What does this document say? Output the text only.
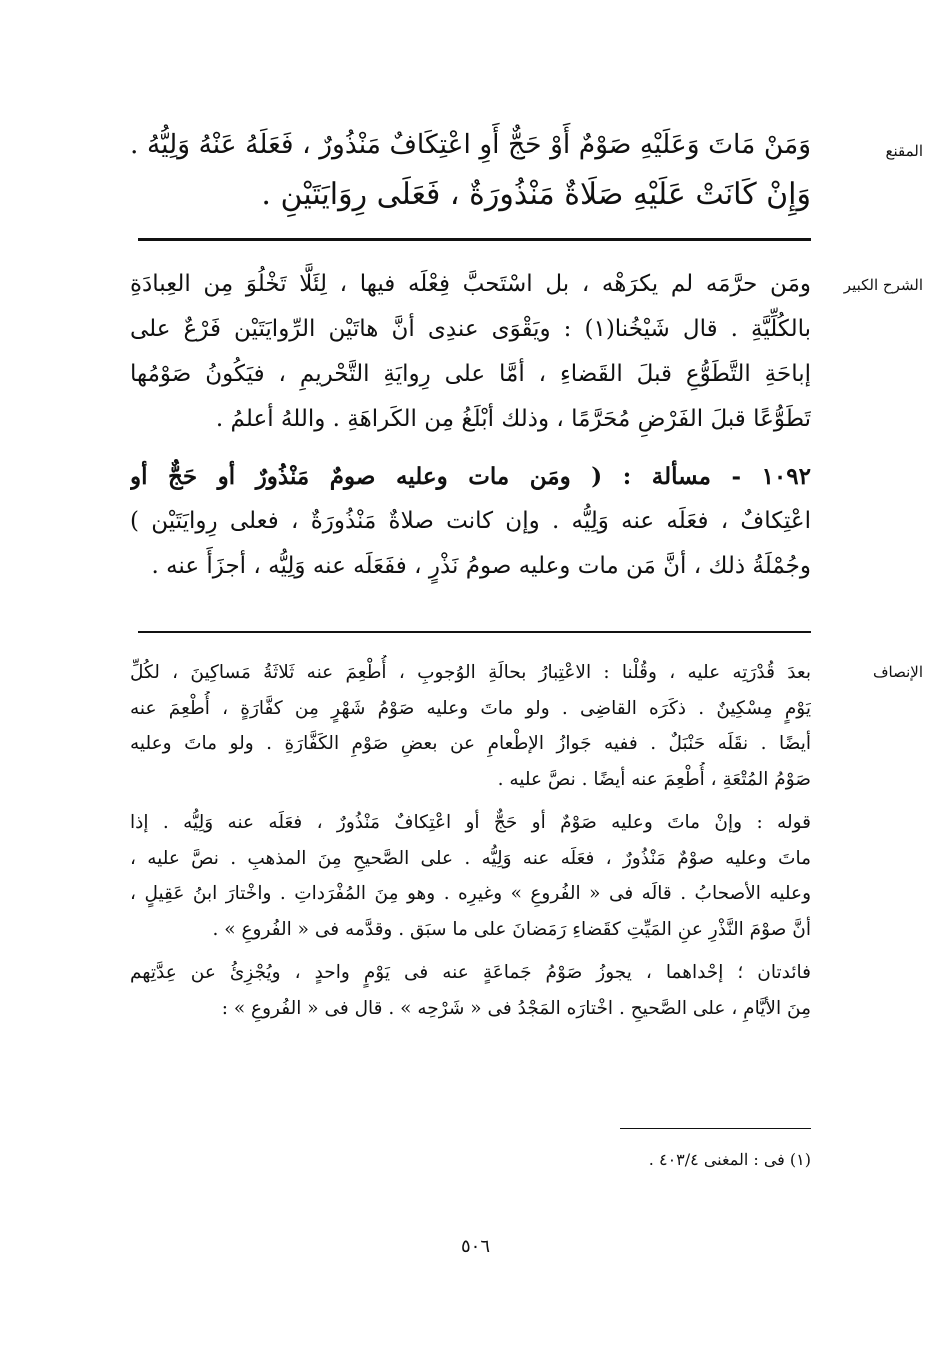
المقنع
وَمَنْ مَاتَ وَعَلَيْهِ صَوْمٌ أَوْ حَجٌّ أَوِ اعْتِكَافٌ مَنْذُورٌ ، فَعَلَهُ عَنْهُ وَلِيُّهُ .
وَإِنْ كَانَتْ عَلَيْهِ صَلَاةٌ مَنْذُورَةٌ ، فَعَلَى رِوَايَتَيْنِ .
الشرح الكبير
ومَن حرَّمَه لم يكرَهْه ، بل اسْتَحبَّ فِعْلَه فيها ، لِئَلَّا تَخْلُوَ مِن العِبادَةِ
بالكُلِّيَّةِ . قال شَيْخُنا(١) : ويَقْوَى عندِى أنَّ هاتَيْن الرِّوايَتَيْن فَرْعٌ على
إباحَةِ التَّطَوُّعِ قبلَ القَضاءِ ، أمَّا على رِوايَةِ التَّحْريمِ ، فيَكُونُ صَوْمُها
تَطَوُّعًا قبلَ الفَرْضِ مُحَرَّمًا ، وذلك أبْلَغُ مِن الكَراهَةِ . واللهُ أعلمُ .
١٠٩٢ - مسألة : ( ومَن مات وعليه صومٌ مَنْذُورٌ أو حَجٌّ أو
اعْتِكافٌ ، فعَلَه عنه وَلِيُّه . وإن كانت صلاةٌ مَنْذُورَةٌ ، فعلى رِوايَتَيْن )
وجُمْلَةُ ذلك ، أنَّ مَن مات وعليه صومُ نَذْرٍ ، ففَعَلَه عنه وَلِيُّه ، أجزَأَ عنه .
الإنصاف
بعدَ قُدْرَتِه عليه ، وقُلْنا : الاعْتِبارُ بحالَةِ الوُجوبِ ، أُطْعِمَ عنه ثَلاثَةُ مَساكِينَ ، لكُلِّ
يَوْمٍ مِسْكِينٌ . ذكَرَه القاضِى . ولو ماتَ وعليه صَوْمُ شَهْرٍ مِن كفَّارَةٍ ، أُطْعِمَ عنه
أيضًا . نقَلَه حَنْبَلٌ . ففيه جَوازُ الإطْعامِ عن بعضِ صَوْمِ الكَفَّارَةِ . ولو ماتَ وعليه
صَوْمُ المُتْعَةِ ، أُطْعِمَ عنه أيضًا . نصَّ عليه .
قوله : وإنْ ماتَ وعليه صَوْمٌ أو حَجٌّ أو اعْتِكافٌ مَنْذُورٌ ، فعَلَه عنه وَلِيُّه . إذا
ماتَ وعليه صوْمٌ مَنْذُورٌ ، فعَلَه عنه وَلِيُّه . على الصَّحيحِ مِنَ المذهبِ . نصَّ عليه ،
وعليه الأصحابُ . قالَه فى « الفُروعِ » وغيرِه . وهو مِنَ المُفْرَداتِ . واخْتارَ ابنُ عَقِيلٍ ،
أنَّ صوْمَ النَّذْرِ عنِ المَيِّتِ كقَضاءِ رَمَضانَ على ما سبَق . وقدَّمه فى « الفُروعِ » .
فائدتان ؛ إحْداهما ، يجوزُ صَوْمُ جَماعَةٍ عنه فى يَوْمٍ واحدٍ ، ويُجْزِئُ عن عِدَّتِهم
مِنَ الأيَّامِ ، على الصَّحيحِ . اخْتارَه المَجْدُ فى « شَرْحِه » . قال فى « الفُروعِ » :
(١) فى : المغنى ٤٠٣/٤ .
٥٠٦
